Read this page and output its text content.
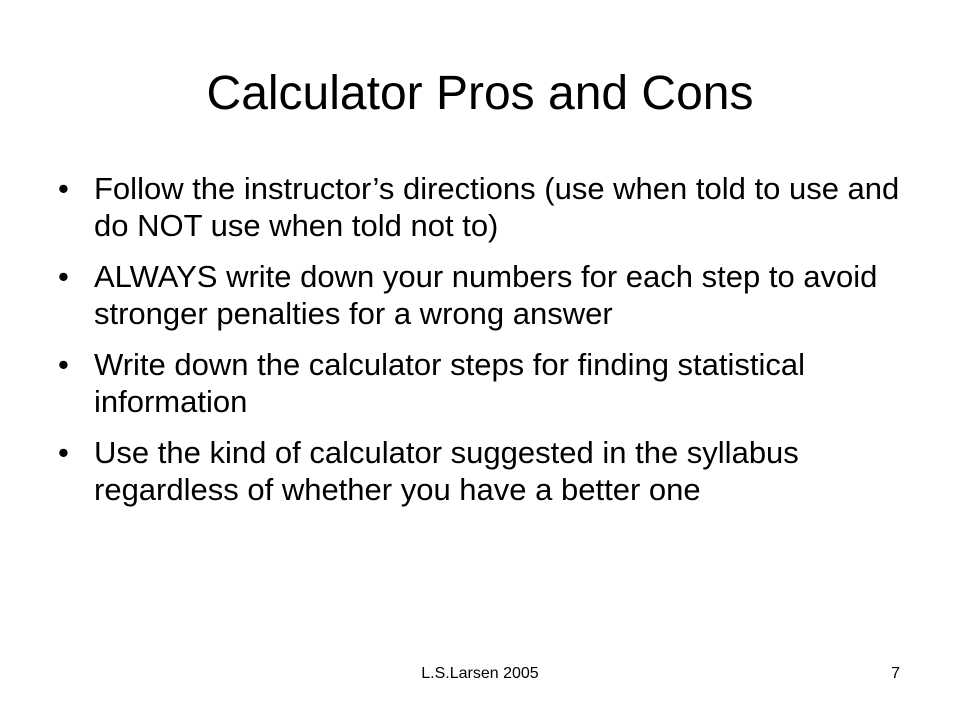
Calculator Pros and Cons
• Follow the instructor’s directions (use when told to use and do NOT use when told not to)
• ALWAYS write down your numbers for each step to avoid stronger penalties for a wrong answer
• Write down the calculator steps for finding statistical information
• Use the kind of calculator suggested in the syllabus regardless of whether you have a better one
L.S.Larsen 2005	7
